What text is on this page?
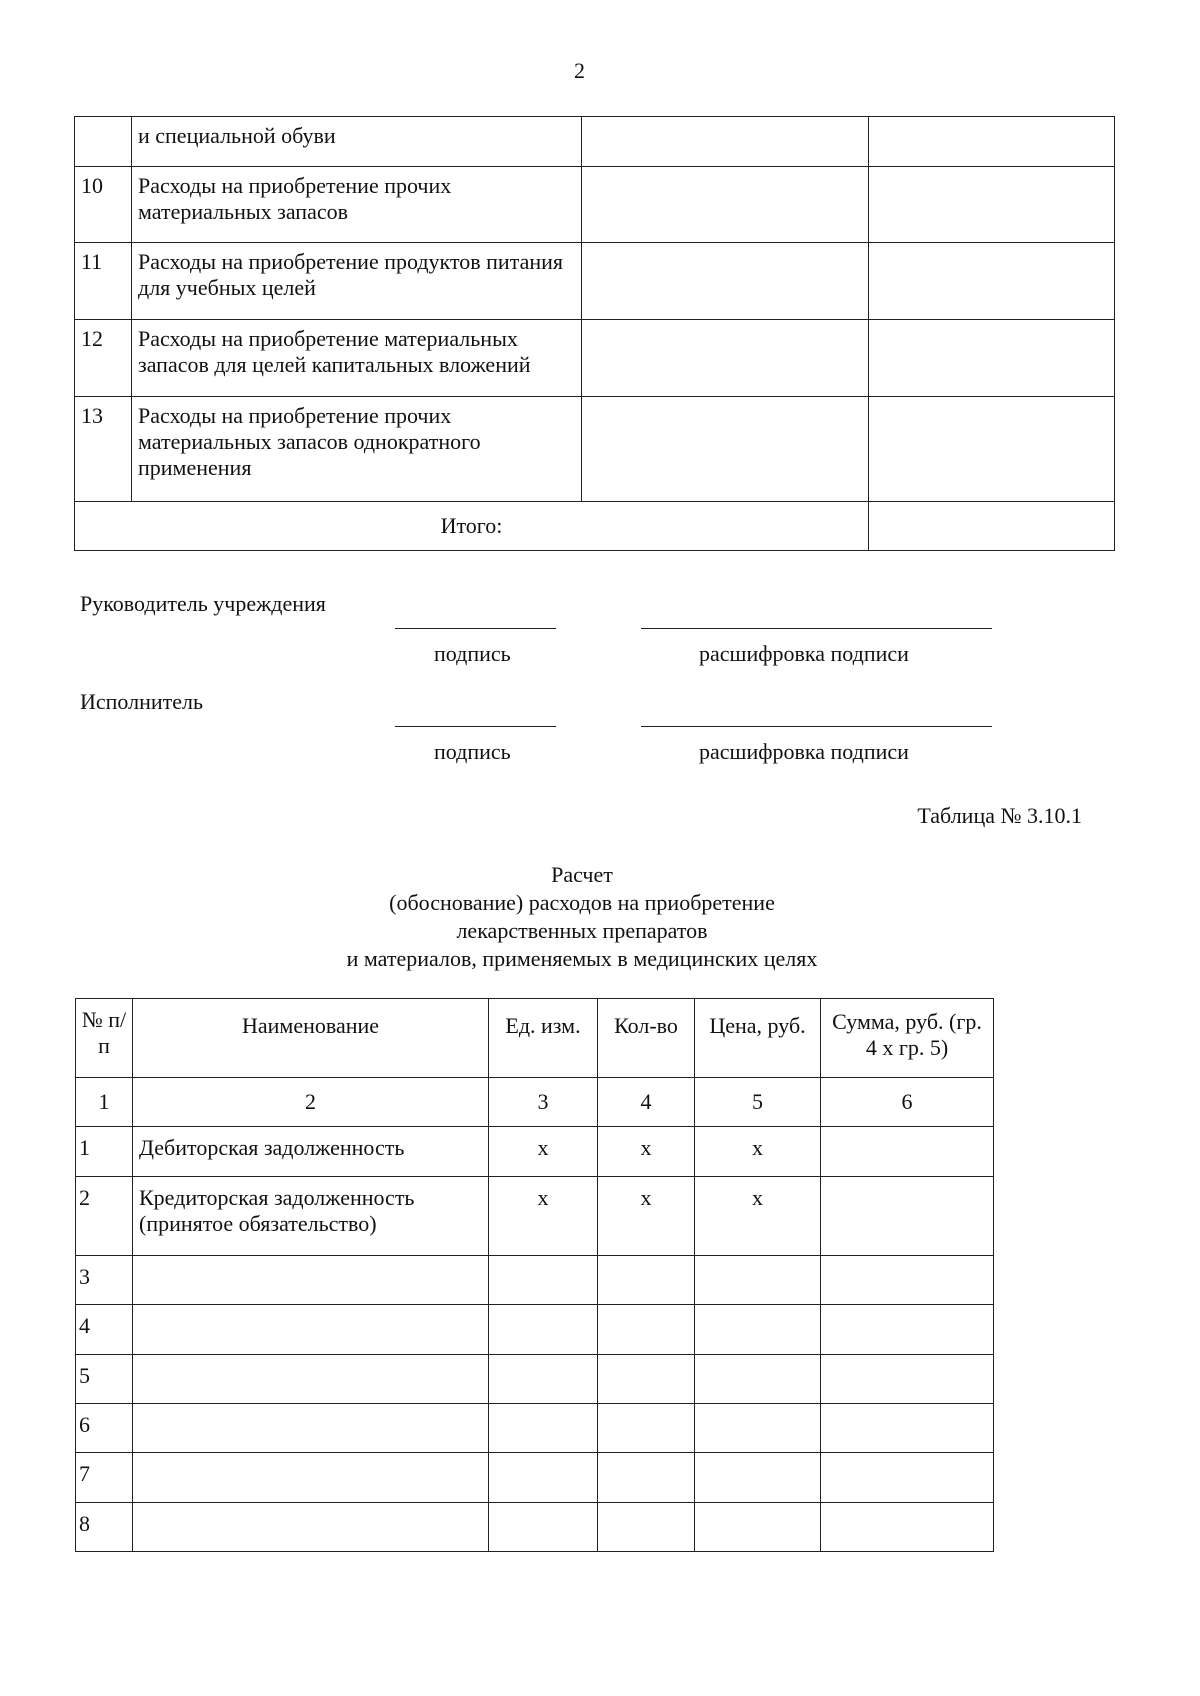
2
	и специальной обуви		
10	Расходы на приобретение прочих материальных запасов		
11	Расходы на приобретение продуктов питания для учебных целей		
12	Расходы на приобретение материальных запасов для целей капитальных вложений		
13	Расходы на приобретение прочих материальных запасов однократного применения		
Итого:			
Руководитель учреждения
подпись	расшифровка подписи
Исполнитель
подпись	расшифровка подписи
Таблица № 3.10.1
Расчет
(обоснование) расходов на приобретение
лекарственных препаратов
и материалов, применяемых в медицинских целях
№ п/п	Наименование	Ед. изм.	Кол-во	Цена, руб.	Сумма, руб. (гр. 4 х гр. 5)
1	2	3	4	5	6
1	Дебиторская задолженность	х	х	х	
2	Кредиторская задолженность (принятое обязательство)	х	х	х	
3					
4					
5					
6					
7					
8					
